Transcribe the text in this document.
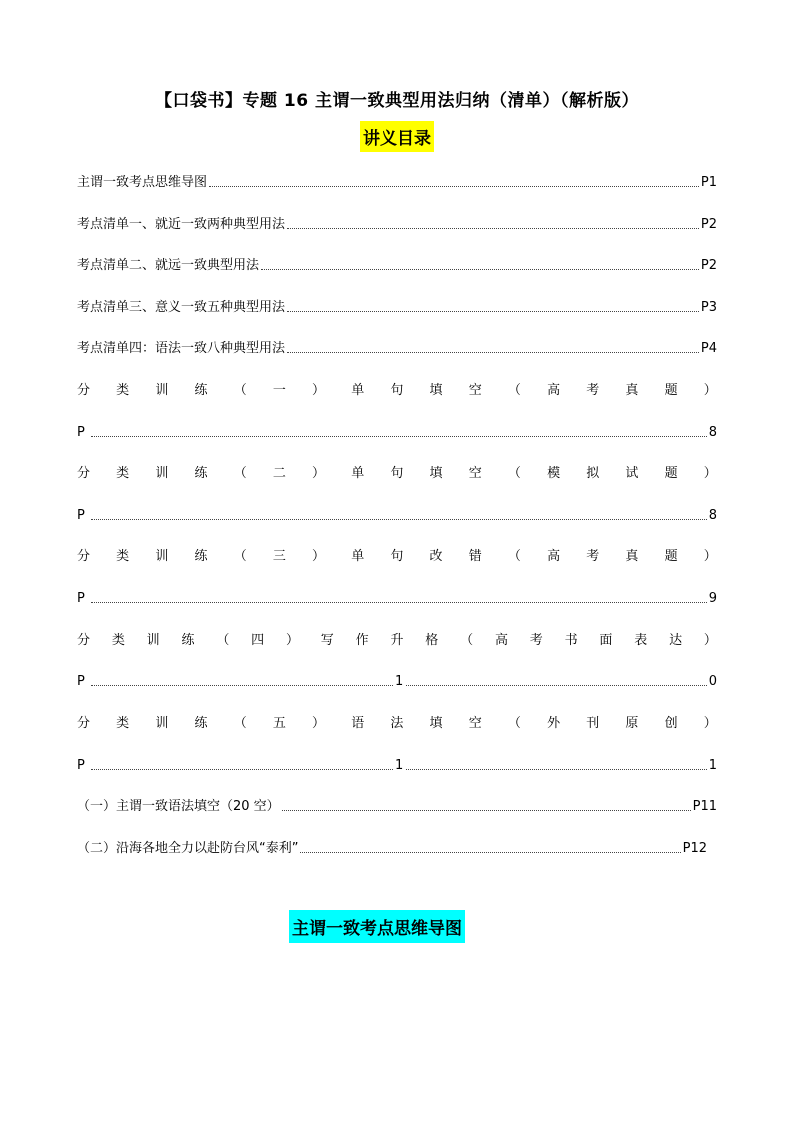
【口袋书】专题 16 主谓一致典型用法归纳（清单）（解析版）
讲义目录
主谓一致考点思维导图	P1
考点清单一、就近一致两种典型用法	P2
考点清单二、就远一致典型用法	P2
考点清单三、意义一致五种典型用法	P3
考点清单四：语法一致八种典型用法	P4
分 类 训 练 （ 一 ） 单 句 填 空 （ 高 考 真 题 ）
P	8
分 类 训 练 （ 二 ） 单 句 填 空 （ 模 拟 试 题 ）
P	8
分 类 训 练 （ 三 ） 单 句 改 错 （ 高 考 真 题 ）
P	9
分 类 训 练 （ 四 ） 写 作 升 格 （ 高 考 书 面 表 达 ）
P	1	0
分 类 训 练 （ 五 ） 语 法 填 空 （ 外 刊 原 创 ）
P	1	1
（一）主谓一致语法填空（20 空）	P11
（二）沿海各地全力以赴防台风“泰利”	P12
主谓一致考点思维导图
